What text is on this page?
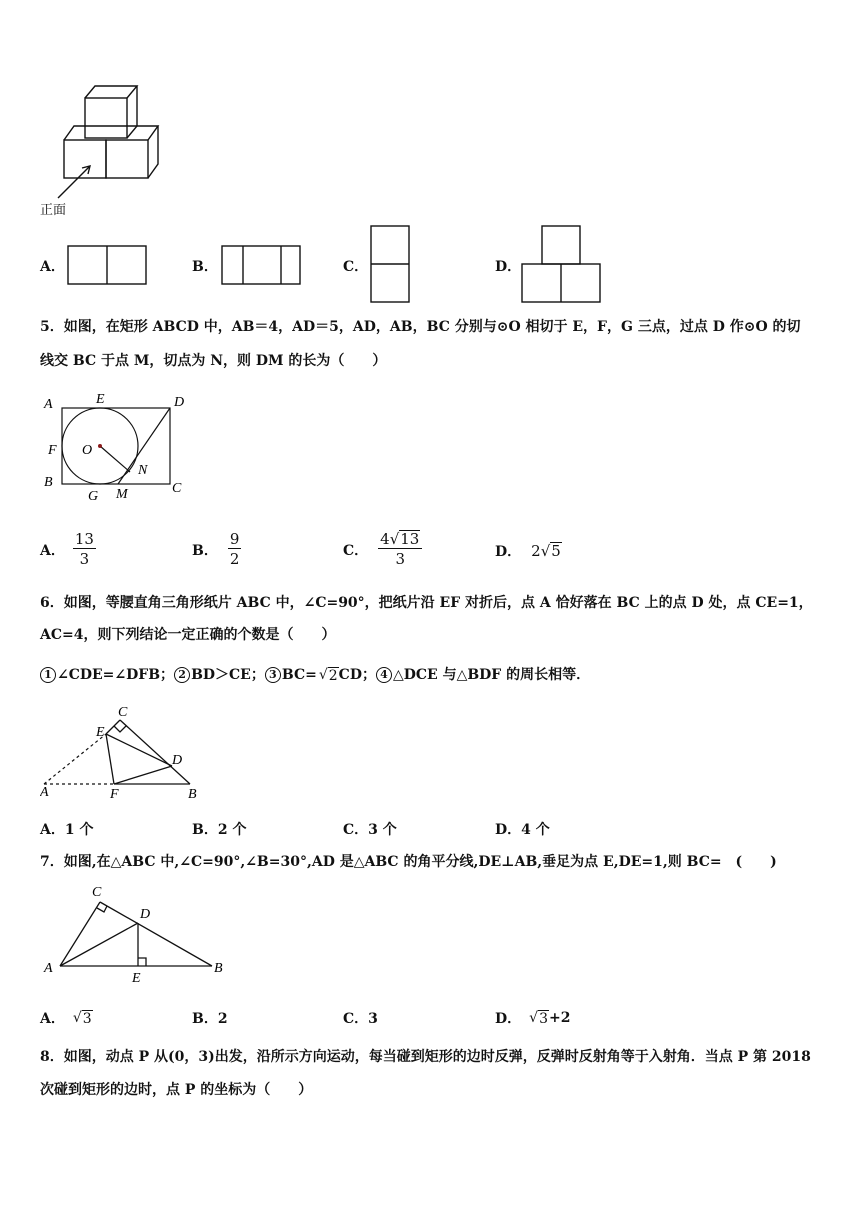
正面
A．	B．	C．	D．
5．如图，在矩形 ABCD 中，AB＝4，AD＝5，AD，AB，BC 分别与⊙O 相切于 E，F，G 三点，过点 D 作⊙O 的切
线交 BC 于点 M，切点为 N，则 DM 的长为（　　）
A	E	D
F O
N
B
G M	C
A． $\frac{13}{3}$	B． $\frac{9}{2}$	C． $\frac{4√13}{3}$	D． 2√5
6．如图，等腰直角三角形纸片 ABC 中，∠C=90°，把纸片沿 EF 对折后，点 A 恰好落在 BC 上的点 D 处，点 CE=1，
AC=4，则下列结论一定正确的个数是（　　）
1 ∠CDE=∠DFB； 2 BD＞CE； 3 BC= √ 2 CD； 4 △DCE 与△BDF 的周长相等．
C
E
D
A	F	B
A．1 个	B．2 个	C．3 个	D．4 个
7．如图,在△ABC 中,∠C=90°,∠B=30°,AD 是△ABC 的角平分线,DE⊥AB,垂足为点 E,DE=1,则 BC=　(　　)
C
D
A
E
B
A． √ 3	B．2	C．3	D． √ 3 +2
8．如图，动点 P 从(0，3)出发，沿所示方向运动，每当碰到矩形的边时反弹，反弹时反射角等于入射角．当点 P 第 2018
次碰到矩形的边时，点 P 的坐标为（　　）
